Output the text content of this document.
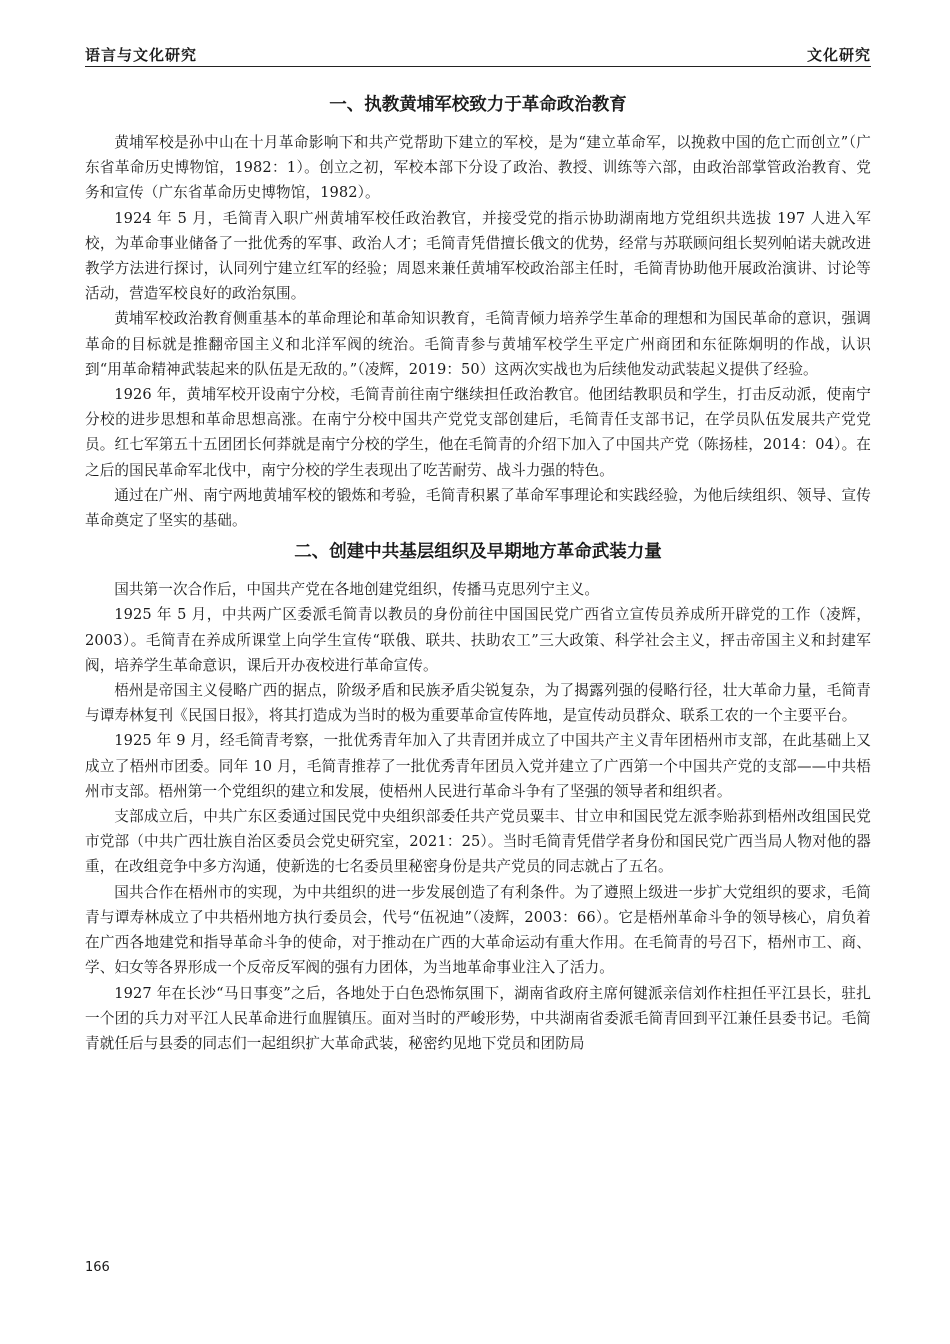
语言与文化研究	文化研究
一、执教黄埔军校致力于革命政治教育

黄埔军校是孙中山在十月革命影响下和共产党帮助下建立的军校，是为“建立革命军，以挽救中国的危亡而创立”（广东省革命历史博物馆，1982：1）。创立之初，军校本部下分设了政治、教授、训练等六部，由政治部掌管政治教育、党务和宣传（广东省革命历史博物馆，1982）。

1924 年 5 月，毛简青入职广州黄埔军校任政治教官，并接受党的指示协助湖南地方党组织共选拔 197 人进入军校，为革命事业储备了一批优秀的军事、政治人才；毛简青凭借擅长俄文的优势，经常与苏联顾问组长契列帕诺夫就改进教学方法进行探讨，认同列宁建立红军的经验；周恩来兼任黄埔军校政治部主任时，毛简青协助他开展政治演讲、讨论等活动，营造军校良好的政治氛围。

黄埔军校政治教育侧重基本的革命理论和革命知识教育，毛简青倾力培养学生革命的理想和为国民革命的意识，强调革命的目标就是推翻帝国主义和北洋军阀的统治。毛简青参与黄埔军校学生平定广州商团和东征陈炯明的作战，认识到“用革命精神武装起来的队伍是无敌的。”（凌辉，2019：50）这两次实战也为后续他发动武装起义提供了经验。

1926 年，黄埔军校开设南宁分校，毛简青前往南宁继续担任政治教官。他团结教职员和学生，打击反动派，使南宁分校的进步思想和革命思想高涨。在南宁分校中国共产党党支部创建后，毛简青任支部书记，在学员队伍发展共产党党员。红七军第五十五团团长何莽就是南宁分校的学生，他在毛简青的介绍下加入了中国共产党（陈扬桂，2014：04）。在之后的国民革命军北伐中，南宁分校的学生表现出了吃苦耐劳、战斗力强的特色。

通过在广州、南宁两地黄埔军校的锻炼和考验，毛简青积累了革命军事理论和实践经验，为他后续组织、领导、宣传革命奠定了坚实的基础。

二、创建中共基层组织及早期地方革命武装力量

国共第一次合作后，中国共产党在各地创建党组织，传播马克思列宁主义。

1925 年 5 月，中共两广区委派毛简青以教员的身份前往中国国民党广西省立宣传员养成所开辟党的工作（凌辉，2003）。毛简青在养成所课堂上向学生宣传“联俄、联共、扶助农工”三大政策、科学社会主义，抨击帝国主义和封建军阀，培养学生革命意识，课后开办夜校进行革命宣传。

梧州是帝国主义侵略广西的据点，阶级矛盾和民族矛盾尖锐复杂，为了揭露列强的侵略行径，壮大革命力量，毛简青与谭寿林复刊《民国日报》，将其打造成为当时的极为重要革命宣传阵地，是宣传动员群众、联系工农的一个主要平台。

1925 年 9 月，经毛简青考察，一批优秀青年加入了共青团并成立了中国共产主义青年团梧州市支部，在此基础上又成立了梧州市团委。同年 10 月，毛简青推荐了一批优秀青年团员入党并建立了广西第一个中国共产党的支部——中共梧州市支部。梧州第一个党组织的建立和发展，使梧州人民进行革命斗争有了坚强的领导者和组织者。

支部成立后，中共广东区委通过国民党中央组织部委任共产党员粟丰、甘立申和国民党左派李贻荪到梧州改组国民党市党部（中共广西壮族自治区委员会党史研究室，2021：25）。当时毛简青凭借学者身份和国民党广西当局人物对他的器重，在改组竞争中多方沟通，使新选的七名委员里秘密身份是共产党员的同志就占了五名。

国共合作在梧州市的实现，为中共组织的进一步发展创造了有利条件。为了遵照上级进一步扩大党组织的要求，毛简青与谭寿林成立了中共梧州地方执行委员会，代号“伍祝迪”（凌辉，2003：66）。它是梧州革命斗争的领导核心，肩负着在广西各地建党和指导革命斗争的使命，对于推动在广西的大革命运动有重大作用。在毛简青的号召下，梧州市工、商、学、妇女等各界形成一个反帝反军阀的强有力团体，为当地革命事业注入了活力。

1927 年在长沙“马日事变”之后，各地处于白色恐怖氛围下，湖南省政府主席何键派亲信刘作柱担任平江县长，驻扎一个团的兵力对平江人民革命进行血腥镇压。面对当时的严峻形势，中共湖南省委派毛简青回到平江兼任县委书记。毛简青就任后与县委的同志们一起组织扩大革命武装，秘密约见地下党员和团防局

166
